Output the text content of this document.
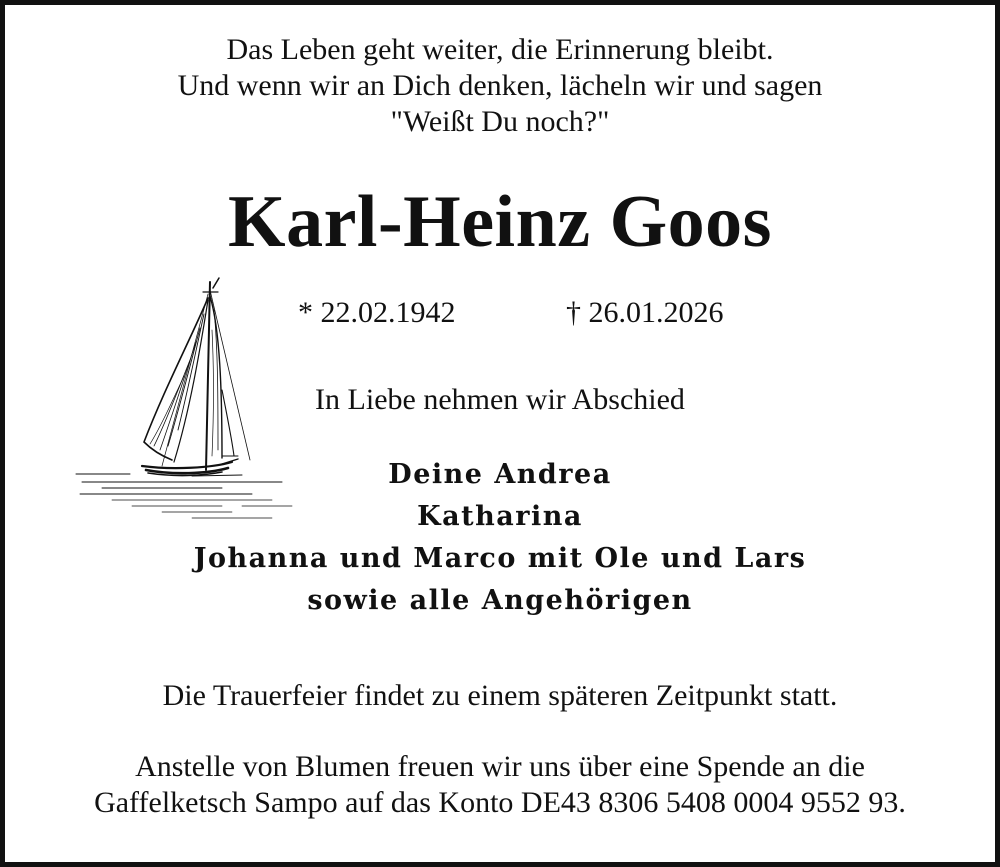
Das Leben geht weiter, die Erinnerung bleibt.
Und wenn wir an Dich denken, lächeln wir und sagen
"Weißt Du noch?"
Karl-Heinz Goos
* 22.02.1942	† 26.01.2026
In Liebe nehmen wir Abschied
Deine Andrea
Katharina
Johanna und Marco mit Ole und Lars
sowie alle Angehörigen
Die Trauerfeier findet zu einem späteren Zeitpunkt statt.
Anstelle von Blumen freuen wir uns über eine Spende an die
Gaffelketsch Sampo auf das Konto DE43 8306 5408 0004 9552 93.
